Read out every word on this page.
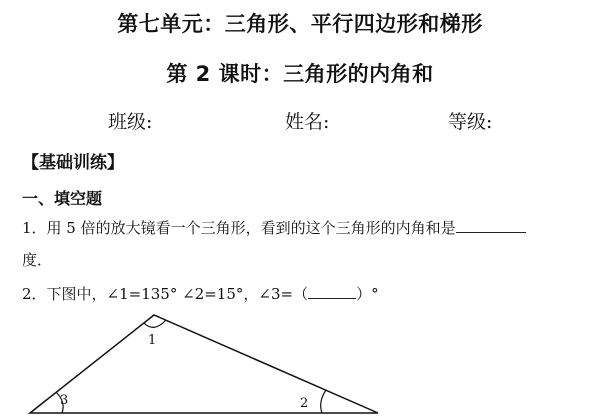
第七单元：三角形、平行四边形和梯形
第 2 课时：三角形的内角和
班级:	姓名:	等级:
【基础训练】
一、填空题
1．用 5 倍的放大镜看一个三角形，看到的这个三角形的内角和是
度．
2．下图中，∠1=135° ∠2=15°，∠3=（	）°
1
3	2
